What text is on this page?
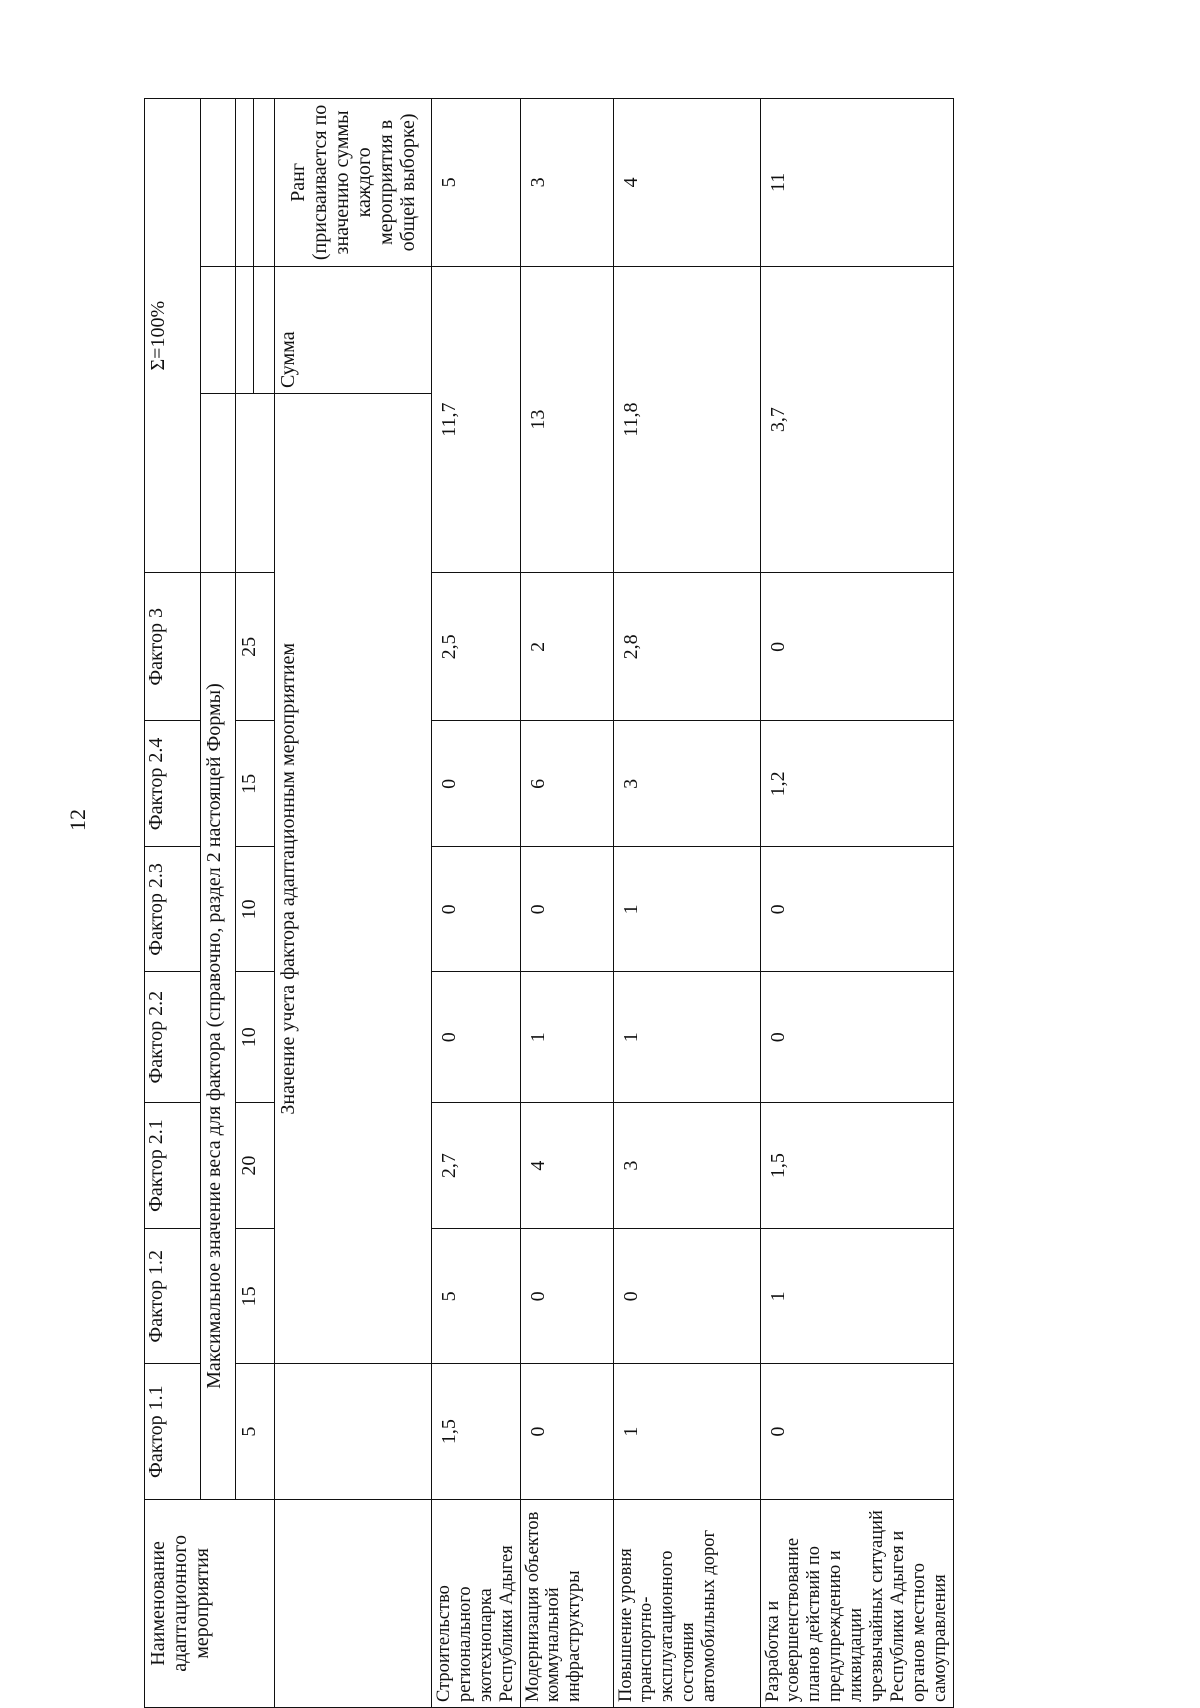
12
Наименование адаптационного мероприятия	Фактор 1.1	Фактор 1.2	Фактор 2.1	Фактор 2.2	Фактор 2.3	Фактор 2.4	Фактор 3	Σ=100%		
	Максимальное значение веса для фактора (справочно, раздел 2 настоящей Формы)									
	5	15	20	10	10	15	25			

		Значение учета фактора адаптационным мероприятием							Сумма	Ранг (присваивается по значению суммы каждого мероприятия в общей выборке)
Строительство регионального экотехнопарка Республики Адыгея	1,5	5	2,7	0	0	0	2,5	11,7		5
Модернизация объектов коммунальной инфраструктуры	0	0	4	1	0	6	2	13		3
Повышение уровня транспортно-эксплуатационного состояния автомобильных дорог	1	0	3	1	1	3	2,8	11,8		4
Разработка и усовершенствование планов действий по предупреждению и ликвидации чрезвычайных ситуаций Республики Адыгея и органов местного самоуправления	0	1	1,5	0	0	1,2	0	3,7		11
